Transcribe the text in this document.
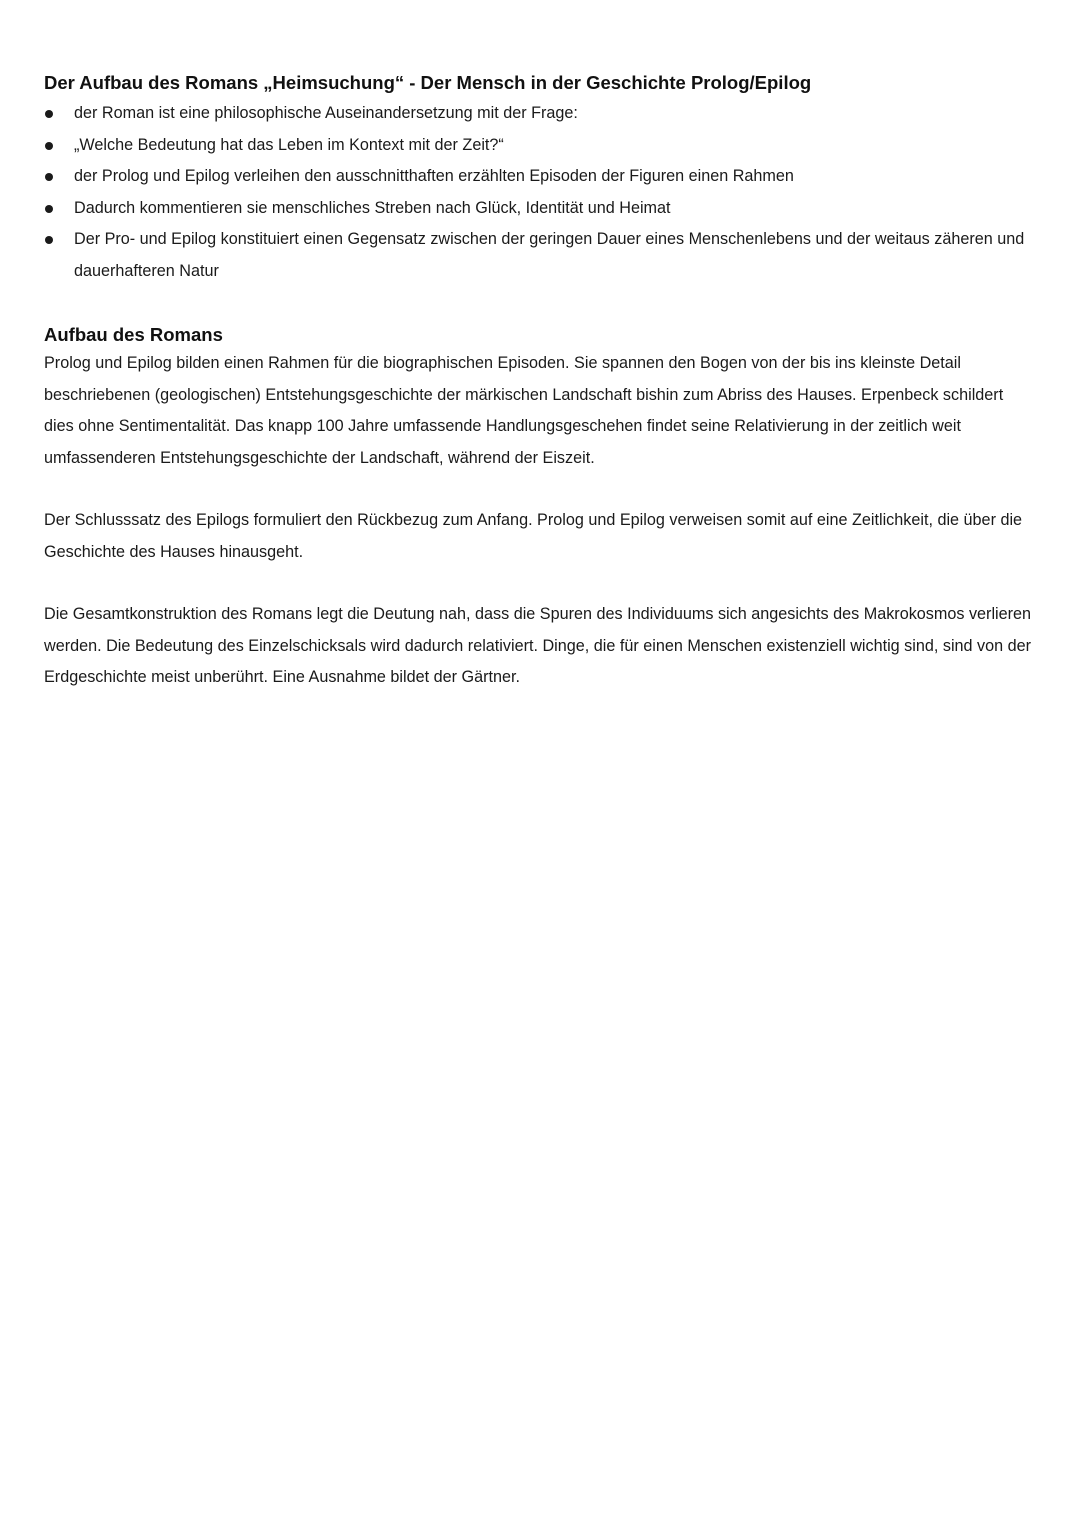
Der Aufbau des Romans „Heimsuchung“ - Der Mensch in der Geschichte Prolog/Epilog
der Roman ist eine philosophische Auseinandersetzung mit der Frage:
„Welche Bedeutung hat das Leben im Kontext mit der Zeit?“
der Prolog und Epilog verleihen den ausschnitthaften erzählten Episoden der Figuren einen Rahmen
Dadurch kommentieren sie menschliches Streben nach Glück, Identität und Heimat
Der Pro- und Epilog konstituiert einen Gegensatz zwischen der geringen Dauer eines Menschenlebens und der weitaus zäheren und dauerhafteren Natur
Aufbau des Romans

Prolog und Epilog bilden einen Rahmen für die biographischen Episoden. Sie spannen den Bogen von der bis ins kleinste Detail beschriebenen (geologischen) Entstehungsgeschichte der märkischen Landschaft bishin zum Abriss des Hauses. Erpenbeck schildert dies ohne Sentimentalität. Das knapp 100 Jahre umfassende Handlungsgeschehen findet seine Relativierung in der zeitlich weit umfassenderen Entstehungsgeschichte der Landschaft, während der Eiszeit.

Der Schlusssatz des Epilogs formuliert den Rückbezug zum Anfang. Prolog und Epilog verweisen somit auf eine Zeitlichkeit, die über die Geschichte des Hauses hinausgeht.

Die Gesamtkonstruktion des Romans legt die Deutung nah, dass die Spuren des Individuums sich angesichts des Makrokosmos verlieren werden. Die Bedeutung des Einzelschicksals wird dadurch relativiert. Dinge, die für einen Menschen existenziell wichtig sind, sind von der Erdgeschichte meist unberührt. Eine Ausnahme bildet der Gärtner.
